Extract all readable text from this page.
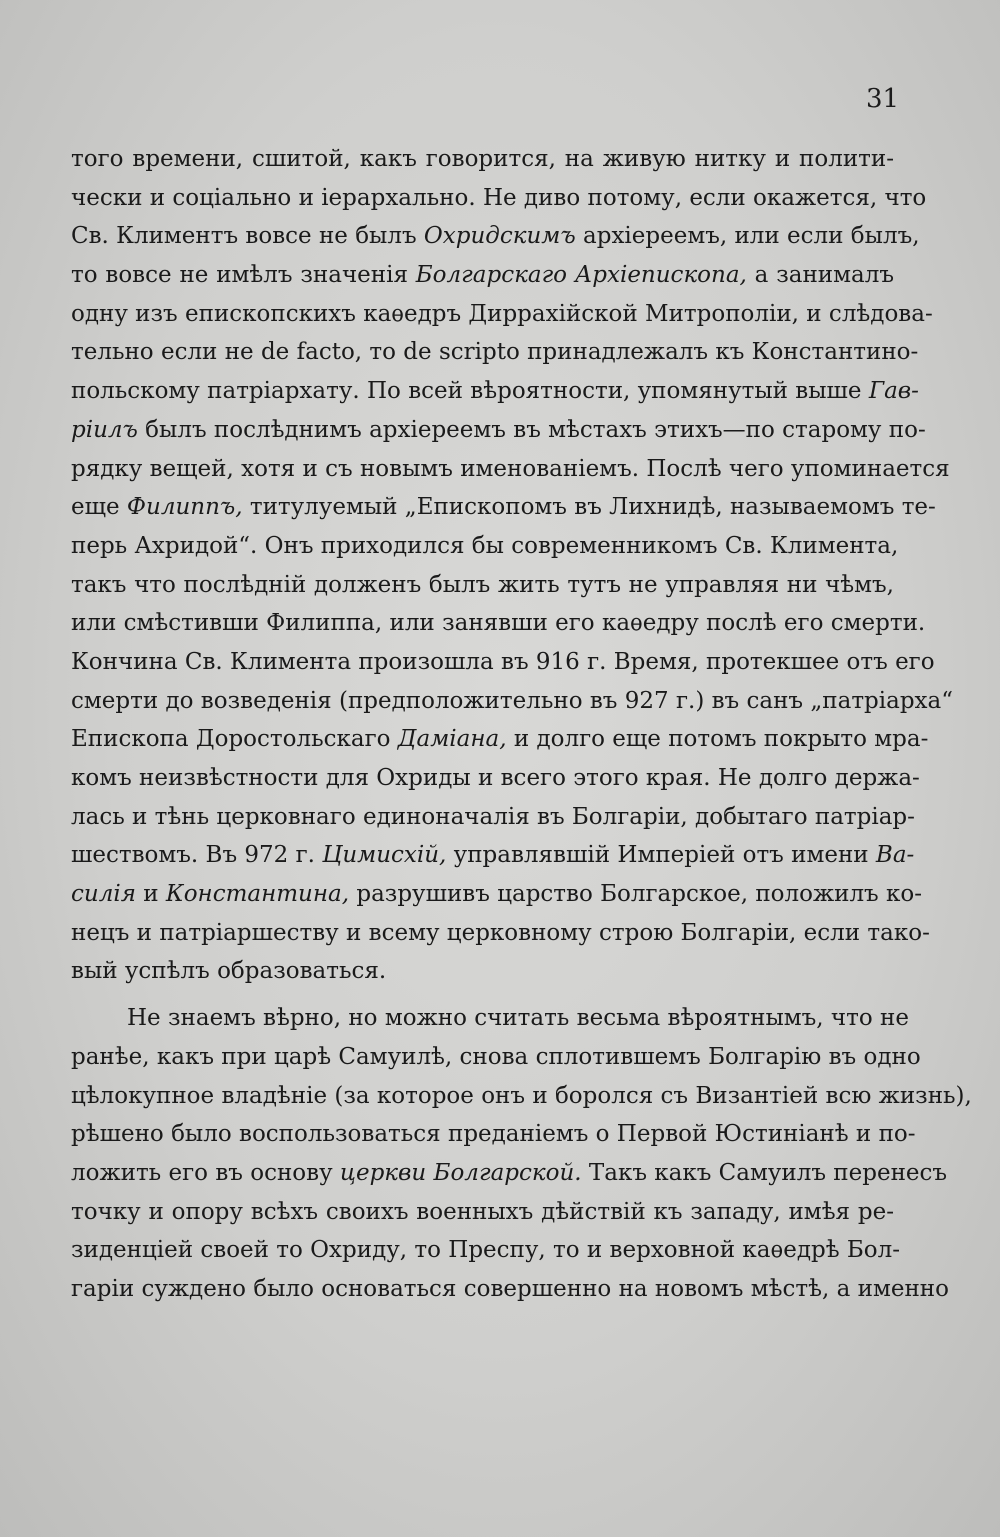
31
того времени, сшитой, какъ говорится, на живую нитку и полити-
чески и соціально и іерархально. Не диво потому, если окажется, что
Св. Климентъ вовсе не былъ Охридскимъ архіереемъ, или если былъ,
то вовсе не имѣлъ значенія Болгарскаго Архіепископа, а занималъ
одну изъ епископскихъ каѳедръ Диррахійской Митрополіи, и слѣдова-
тельно если не de facto, то de scripto принадлежалъ къ Константино-
польскому патріархату. По всей вѣроятности, упомянутый выше Гав-
ріилъ былъ послѣднимъ архіереемъ въ мѣстахъ этихъ—по старому по-
рядку вещей, хотя и съ новымъ именованіемъ. Послѣ чего упоминается
еще Филиппъ, титулуемый „Епископомъ въ Лихнидѣ, называемомъ те-
перь Ахридой“. Онъ приходился бы современникомъ Св. Климента,
такъ что послѣдній долженъ былъ жить тутъ не управляя ни чѣмъ,
или смѣстивши Филиппа, или занявши его каѳедру послѣ его смерти.
Кончина Св. Климента произошла въ 916 г. Время, протекшее отъ его
смерти до возведенія (предположительно въ 927 г.) въ санъ „патріарха“
Епископа Доростольскаго Дамiана, и долго еще потомъ покрыто мра-
комъ неизвѣстности для Охриды и всего этого края. Не долго держа-
лась и тѣнь церковнаго единоначалія въ Болгаріи, добытаго патріар-
шествомъ. Въ 972 г. Цимисхій, управлявшій Имперіей отъ имени Ва-
силія и Константина, разрушивъ царство Болгарское, положилъ ко-
нецъ и патріаршеству и всему церковному строю Болгаріи, если тако-
вый успѣлъ образоваться.
Не знаемъ вѣрно, но можно считать весьма вѣроятнымъ, что не
ранѣе, какъ при царѣ Самуилѣ, снова сплотившемъ Болгарію въ одно
цѣлокупное владѣніе (за которое онъ и боролся съ Византіей всю жизнь),
рѣшено было воспользоваться преданіемъ о Первой Юстиніанѣ и по-
ложить его въ основу церкви Болгарской. Такъ какъ Самуилъ перенесъ
точку и опору всѣхъ своихъ военныхъ дѣйствій къ западу, имѣя ре-
зиденціей своей то Охриду, то Преспу, то и верховной каѳедрѣ Бол-
гаріи суждено было основаться совершенно на новомъ мѣстѣ, а именно
